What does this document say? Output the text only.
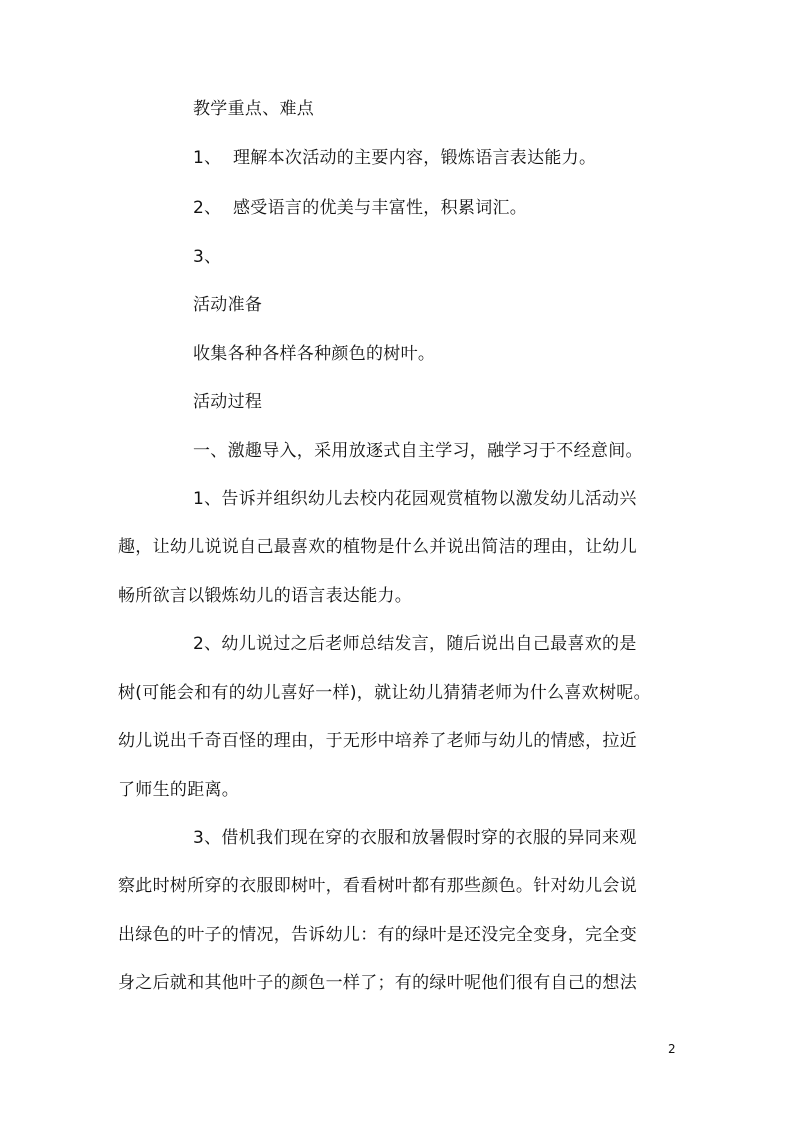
教学重点、难点
1、 理解本次活动的主要内容，锻炼语言表达能力。
2、 感受语言的优美与丰富性，积累词汇。
3、
活动准备
收集各种各样各种颜色的树叶。
活动过程
一、激趣导入，采用放逐式自主学习，融学习于不经意间。
1、告诉并组织幼儿去校内花园观赏植物以激发幼儿活动兴
趣，让幼儿说说自己最喜欢的植物是什么并说出简洁的理由，让幼儿
畅所欲言以锻炼幼儿的语言表达能力。
2、幼儿说过之后老师总结发言，随后说出自己最喜欢的是
树(可能会和有的幼儿喜好一样)，就让幼儿猜猜老师为什么喜欢树呢。
幼儿说出千奇百怪的理由，于无形中培养了老师与幼儿的情感，拉近
了师生的距离。
3、借机我们现在穿的衣服和放暑假时穿的衣服的异同来观
察此时树所穿的衣服即树叶，看看树叶都有那些颜色。针对幼儿会说
出绿色的叶子的情况，告诉幼儿：有的绿叶是还没完全变身，完全变
身之后就和其他叶子的颜色一样了；有的绿叶呢他们很有自己的想法
2
